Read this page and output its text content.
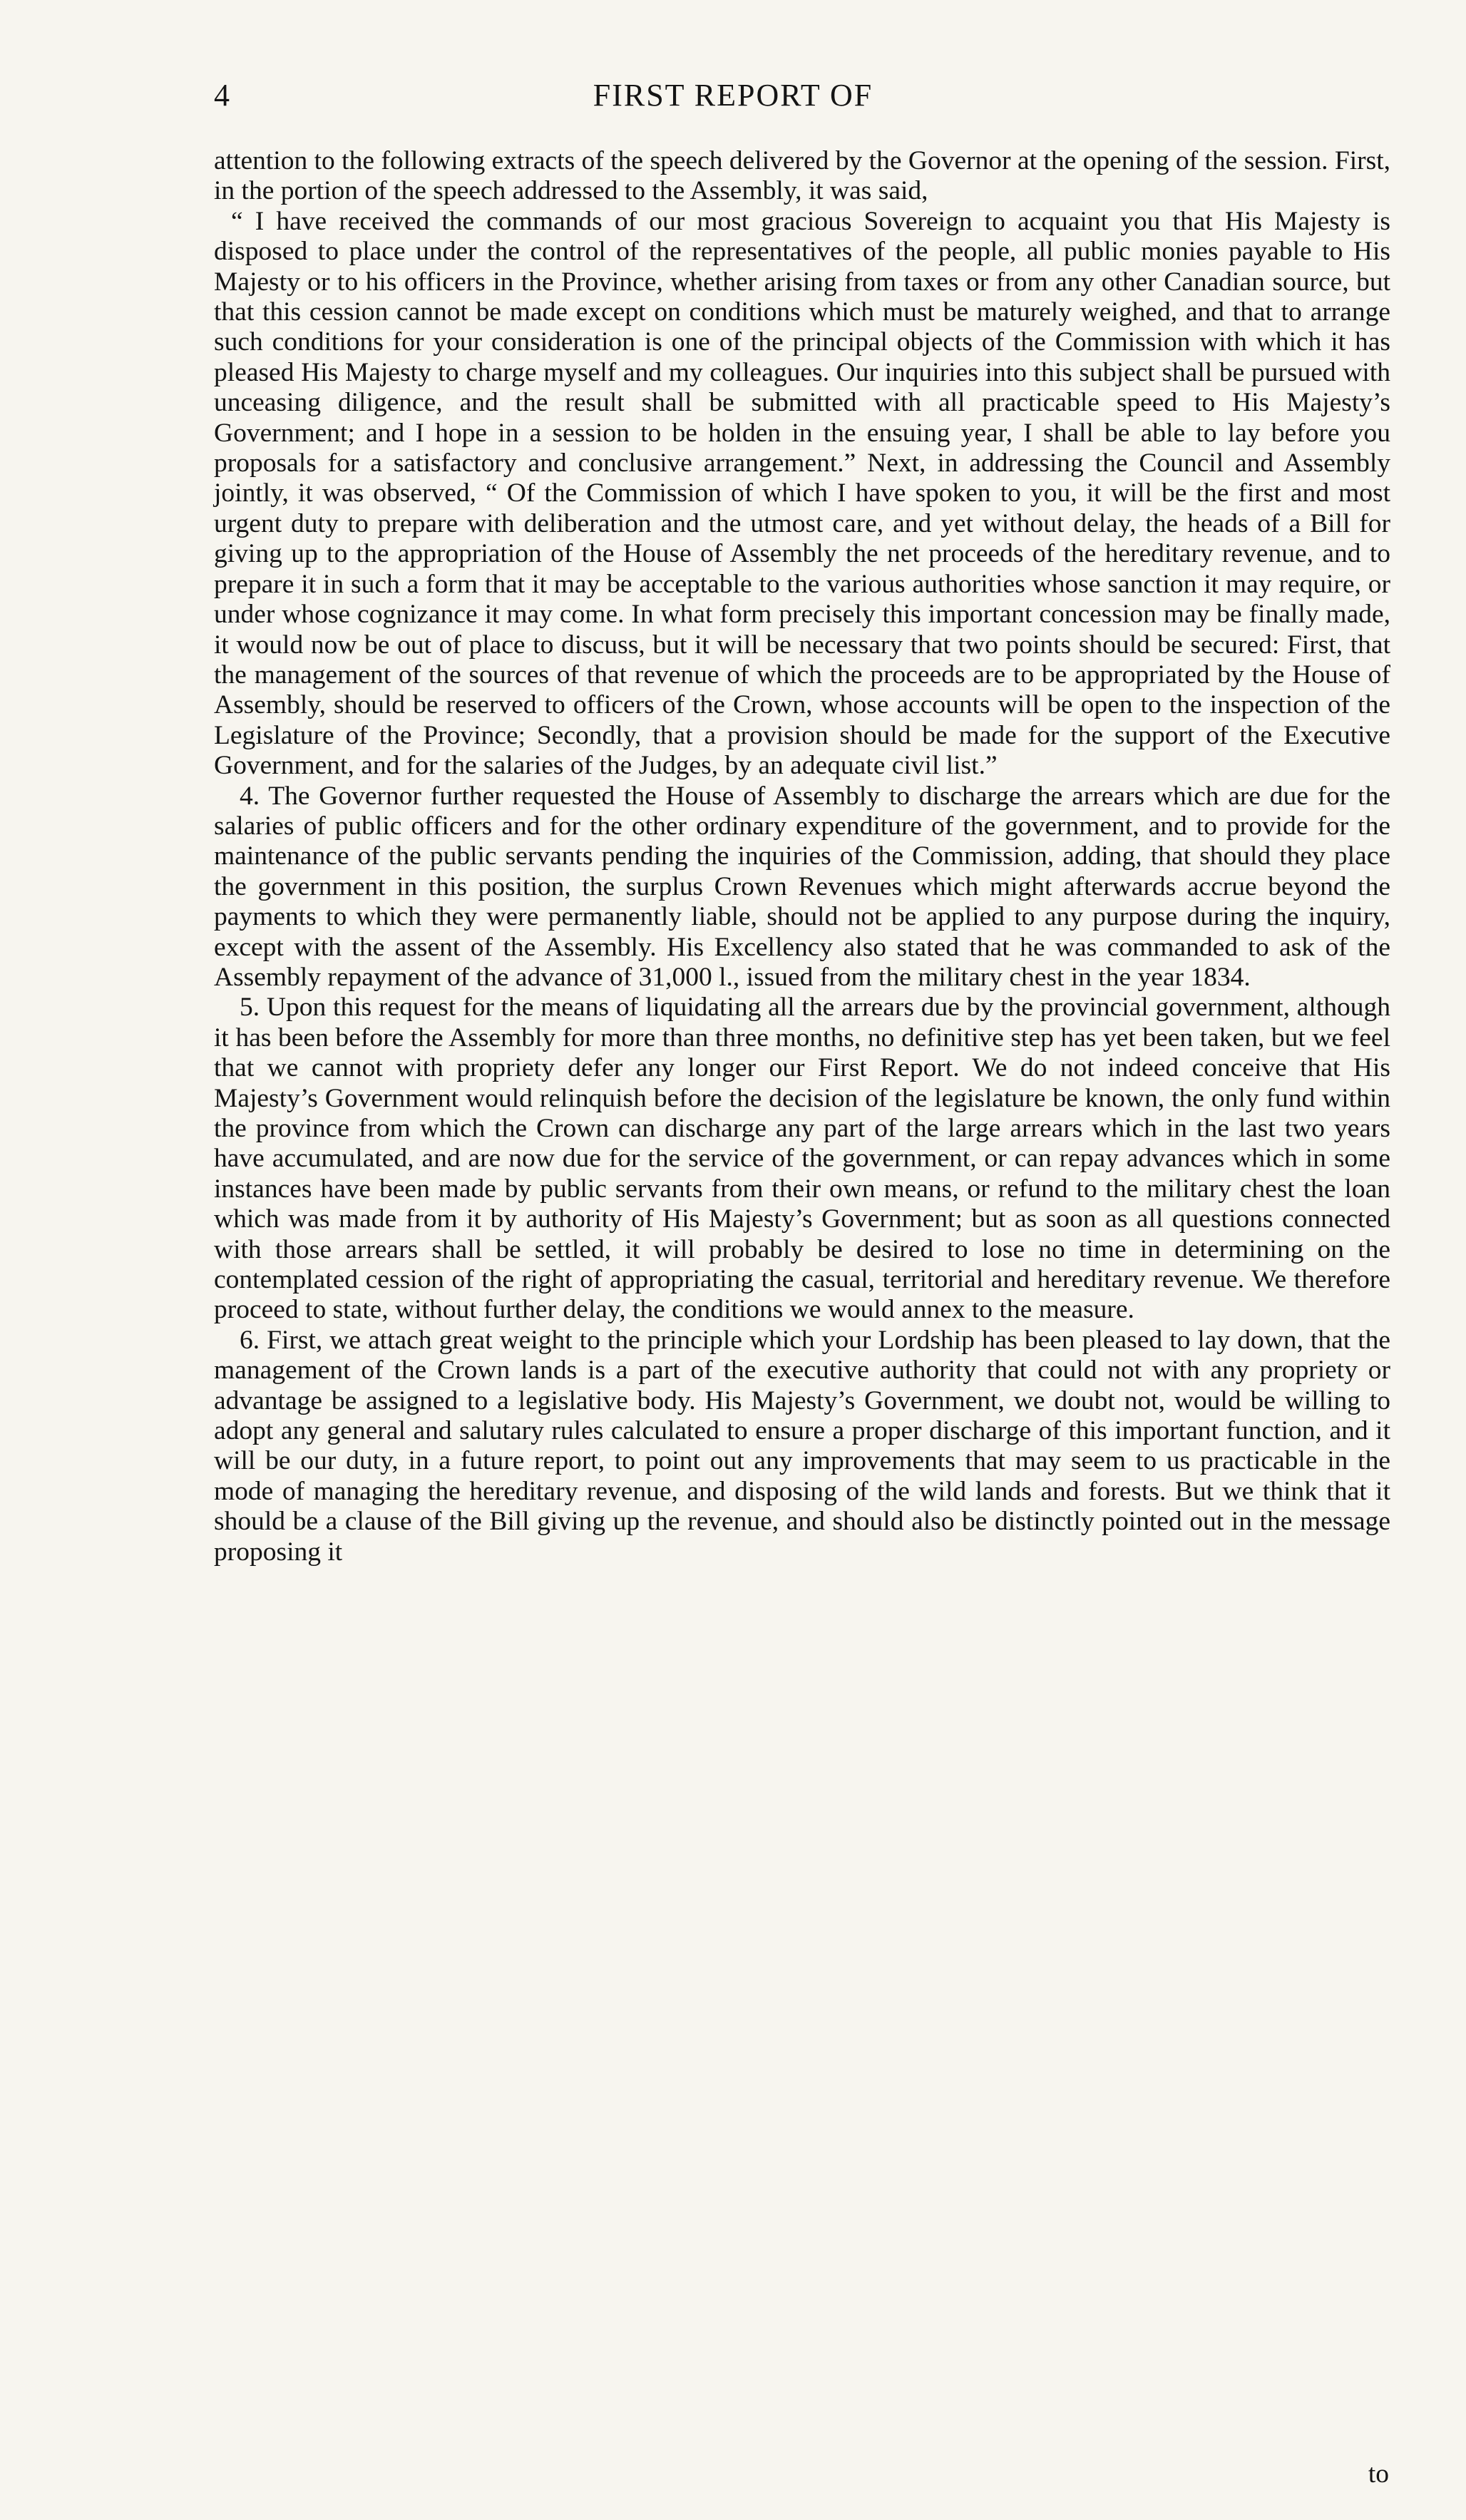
4	FIRST REPORT OF

attention to the following extracts of the speech delivered by the Governor at the opening of the session. First, in the portion of the speech addressed to the Assembly, it was said,

“ I have received the commands of our most gracious Sovereign to acquaint you that His Majesty is disposed to place under the control of the representatives of the people, all public monies payable to His Majesty or to his officers in the Province, whether arising from taxes or from any other Canadian source, but that this cession cannot be made except on conditions which must be maturely weighed, and that to arrange such conditions for your consideration is one of the principal objects of the Commission with which it has pleased His Majesty to charge myself and my colleagues. Our inquiries into this subject shall be pursued with unceasing diligence, and the result shall be submitted with all practicable speed to His Majesty’s Government; and I hope in a session to be holden in the ensuing year, I shall be able to lay before you proposals for a satisfactory and conclusive arrangement.” Next, in addressing the Council and Assembly jointly, it was observed, “ Of the Commission of which I have spoken to you, it will be the first and most urgent duty to prepare with deliberation and the utmost care, and yet without delay, the heads of a Bill for giving up to the appropriation of the House of Assembly the net proceeds of the hereditary revenue, and to prepare it in such a form that it may be acceptable to the various authorities whose sanction it may require, or under whose cognizance it may come. In what form precisely this important concession may be finally made, it would now be out of place to discuss, but it will be necessary that two points should be secured: First, that the management of the sources of that revenue of which the proceeds are to be appropriated by the House of Assembly, should be reserved to officers of the Crown, whose accounts will be open to the inspection of the Legislature of the Province; Secondly, that a provision should be made for the support of the Executive Government, and for the salaries of the Judges, by an adequate civil list.”

4. The Governor further requested the House of Assembly to discharge the arrears which are due for the salaries of public officers and for the other ordinary expenditure of the government, and to provide for the maintenance of the public servants pending the inquiries of the Commission, adding, that should they place the government in this position, the surplus Crown Revenues which might afterwards accrue beyond the payments to which they were permanently liable, should not be applied to any purpose during the inquiry, except with the assent of the Assembly. His Excellency also stated that he was commanded to ask of the Assembly repayment of the advance of 31,000 l., issued from the military chest in the year 1834.

5. Upon this request for the means of liquidating all the arrears due by the provincial government, although it has been before the Assembly for more than three months, no definitive step has yet been taken, but we feel that we cannot with propriety defer any longer our First Report. We do not indeed conceive that His Majesty’s Government would relinquish before the decision of the legislature be known, the only fund within the province from which the Crown can discharge any part of the large arrears which in the last two years have accumulated, and are now due for the service of the government, or can repay advances which in some instances have been made by public servants from their own means, or refund to the military chest the loan which was made from it by authority of His Majesty’s Government; but as soon as all questions connected with those arrears shall be settled, it will probably be desired to lose no time in determining on the contemplated cession of the right of appropriating the casual, territorial and hereditary revenue. We therefore proceed to state, without further delay, the conditions we would annex to the measure.

6. First, we attach great weight to the principle which your Lordship has been pleased to lay down, that the management of the Crown lands is a part of the executive authority that could not with any propriety or advantage be assigned to a legislative body. His Majesty’s Government, we doubt not, would be willing to adopt any general and salutary rules calculated to ensure a proper discharge of this important function, and it will be our duty, in a future report, to point out any improvements that may seem to us practicable in the mode of managing the hereditary revenue, and disposing of the wild lands and forests. But we think that it should be a clause of the Bill giving up the revenue, and should also be distinctly pointed out in the message proposing it

to
